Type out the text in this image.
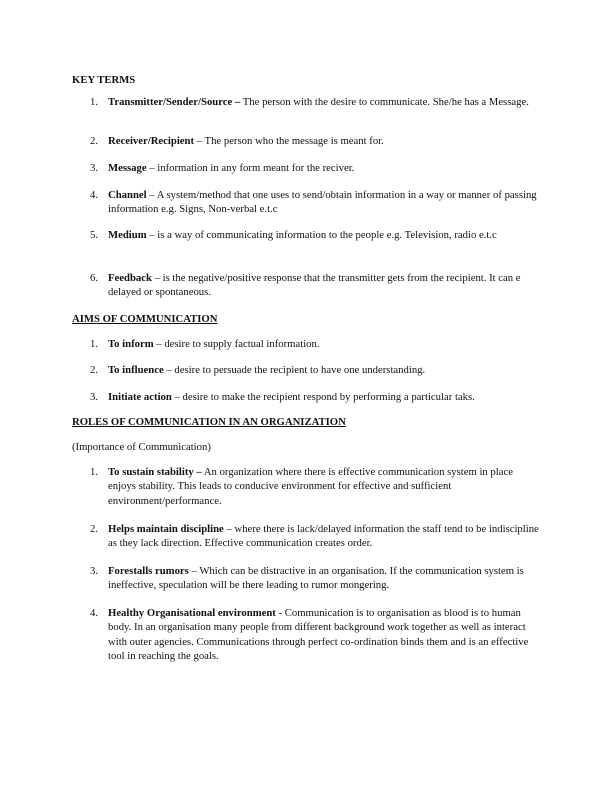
KEY TERMS
1. Transmitter/Sender/Source – The person with the desire to communicate. She/he has a Message.
2. Receiver/Recipient – The person who the message is meant for.
3. Message – information in any form meant for the reciver.
4. Channel – A system/method that one uses to send/obtain information in a way or manner of passing information e.g. Signs, Non-verbal e.t.c
5. Medium – is a way of communicating information to the people e.g. Television, radio e.t.c
6. Feedback – is the negative/positive response that the transmitter gets from the recipient. It can e delayed or spontaneous.
AIMS OF COMMUNICATION
1. To inform – desire to supply factual information.
2. To influence – desire to persuade the recipient to have one understanding.
3. Initiate action – desire to make the recipient respond by performing a particular taks.
ROLES OF COMMUNICATION IN AN ORGANIZATION
(Importance of Communication)
1. To sustain stability – An organization where there is effective communication system in place enjoys stability. This leads to conducive environment for effective and sufficient environment/performance.
2. Helps maintain discipline – where there is lack/delayed information the staff tend to be indiscipline as they lack direction. Effective communication creates order.
3. Forestalls rumors – Which can be distractive in an organisation. If the communication system is ineffective, speculation will be there leading to rumor mongering.
4. Healthy Organisational environment - Communication is to organisation as blood is to human body. In an organisation many people from different background work together as well as interact with outer agencies. Communications through perfect co-ordination binds them and is an effective tool in reaching the goals.
